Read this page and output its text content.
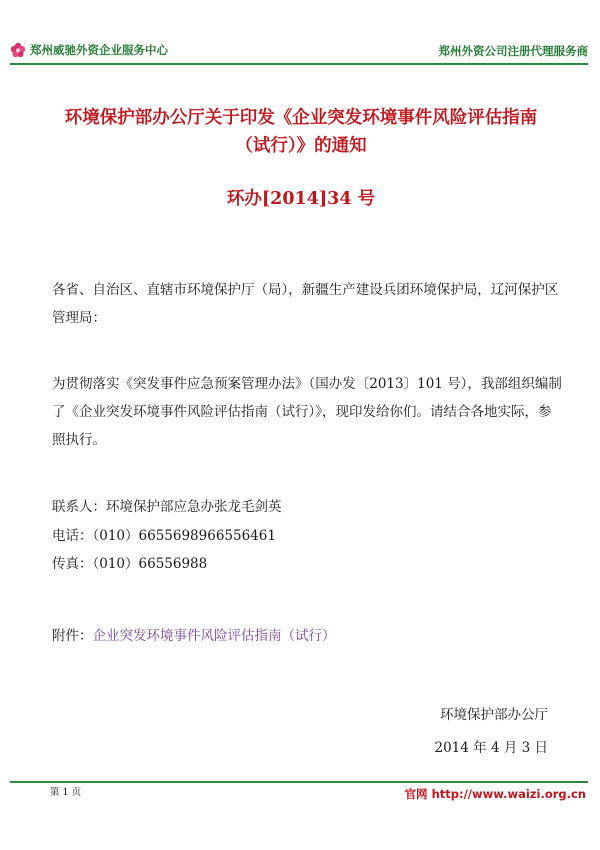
郑州威驰外资企业服务中心	郑州外资公司注册代理服务商
环境保护部办公厅关于印发《企业突发环境事件风险评估指南
（试行）》的通知
环办[2014]34 号
各省、自治区、直辖市环境保护厅（局），新疆生产建设兵团环境保护局，辽河保护区管理局：
为贯彻落实《突发事件应急预案管理办法》（国办发〔2013〕101 号），我部组织编制了《企业突发环境事件风险评估指南（试行）》，现印发给你们。请结合各地实际，参照执行。
联系人：环境保护部应急办张龙毛剑英
电话：（010）6655698966556461
传真：（010）66556988
附件：企业突发环境事件风险评估指南（试行）
环境保护部办公厅
2014 年 4 月 3 日
第 1 页	官网 http://www.waizi.org.cn
